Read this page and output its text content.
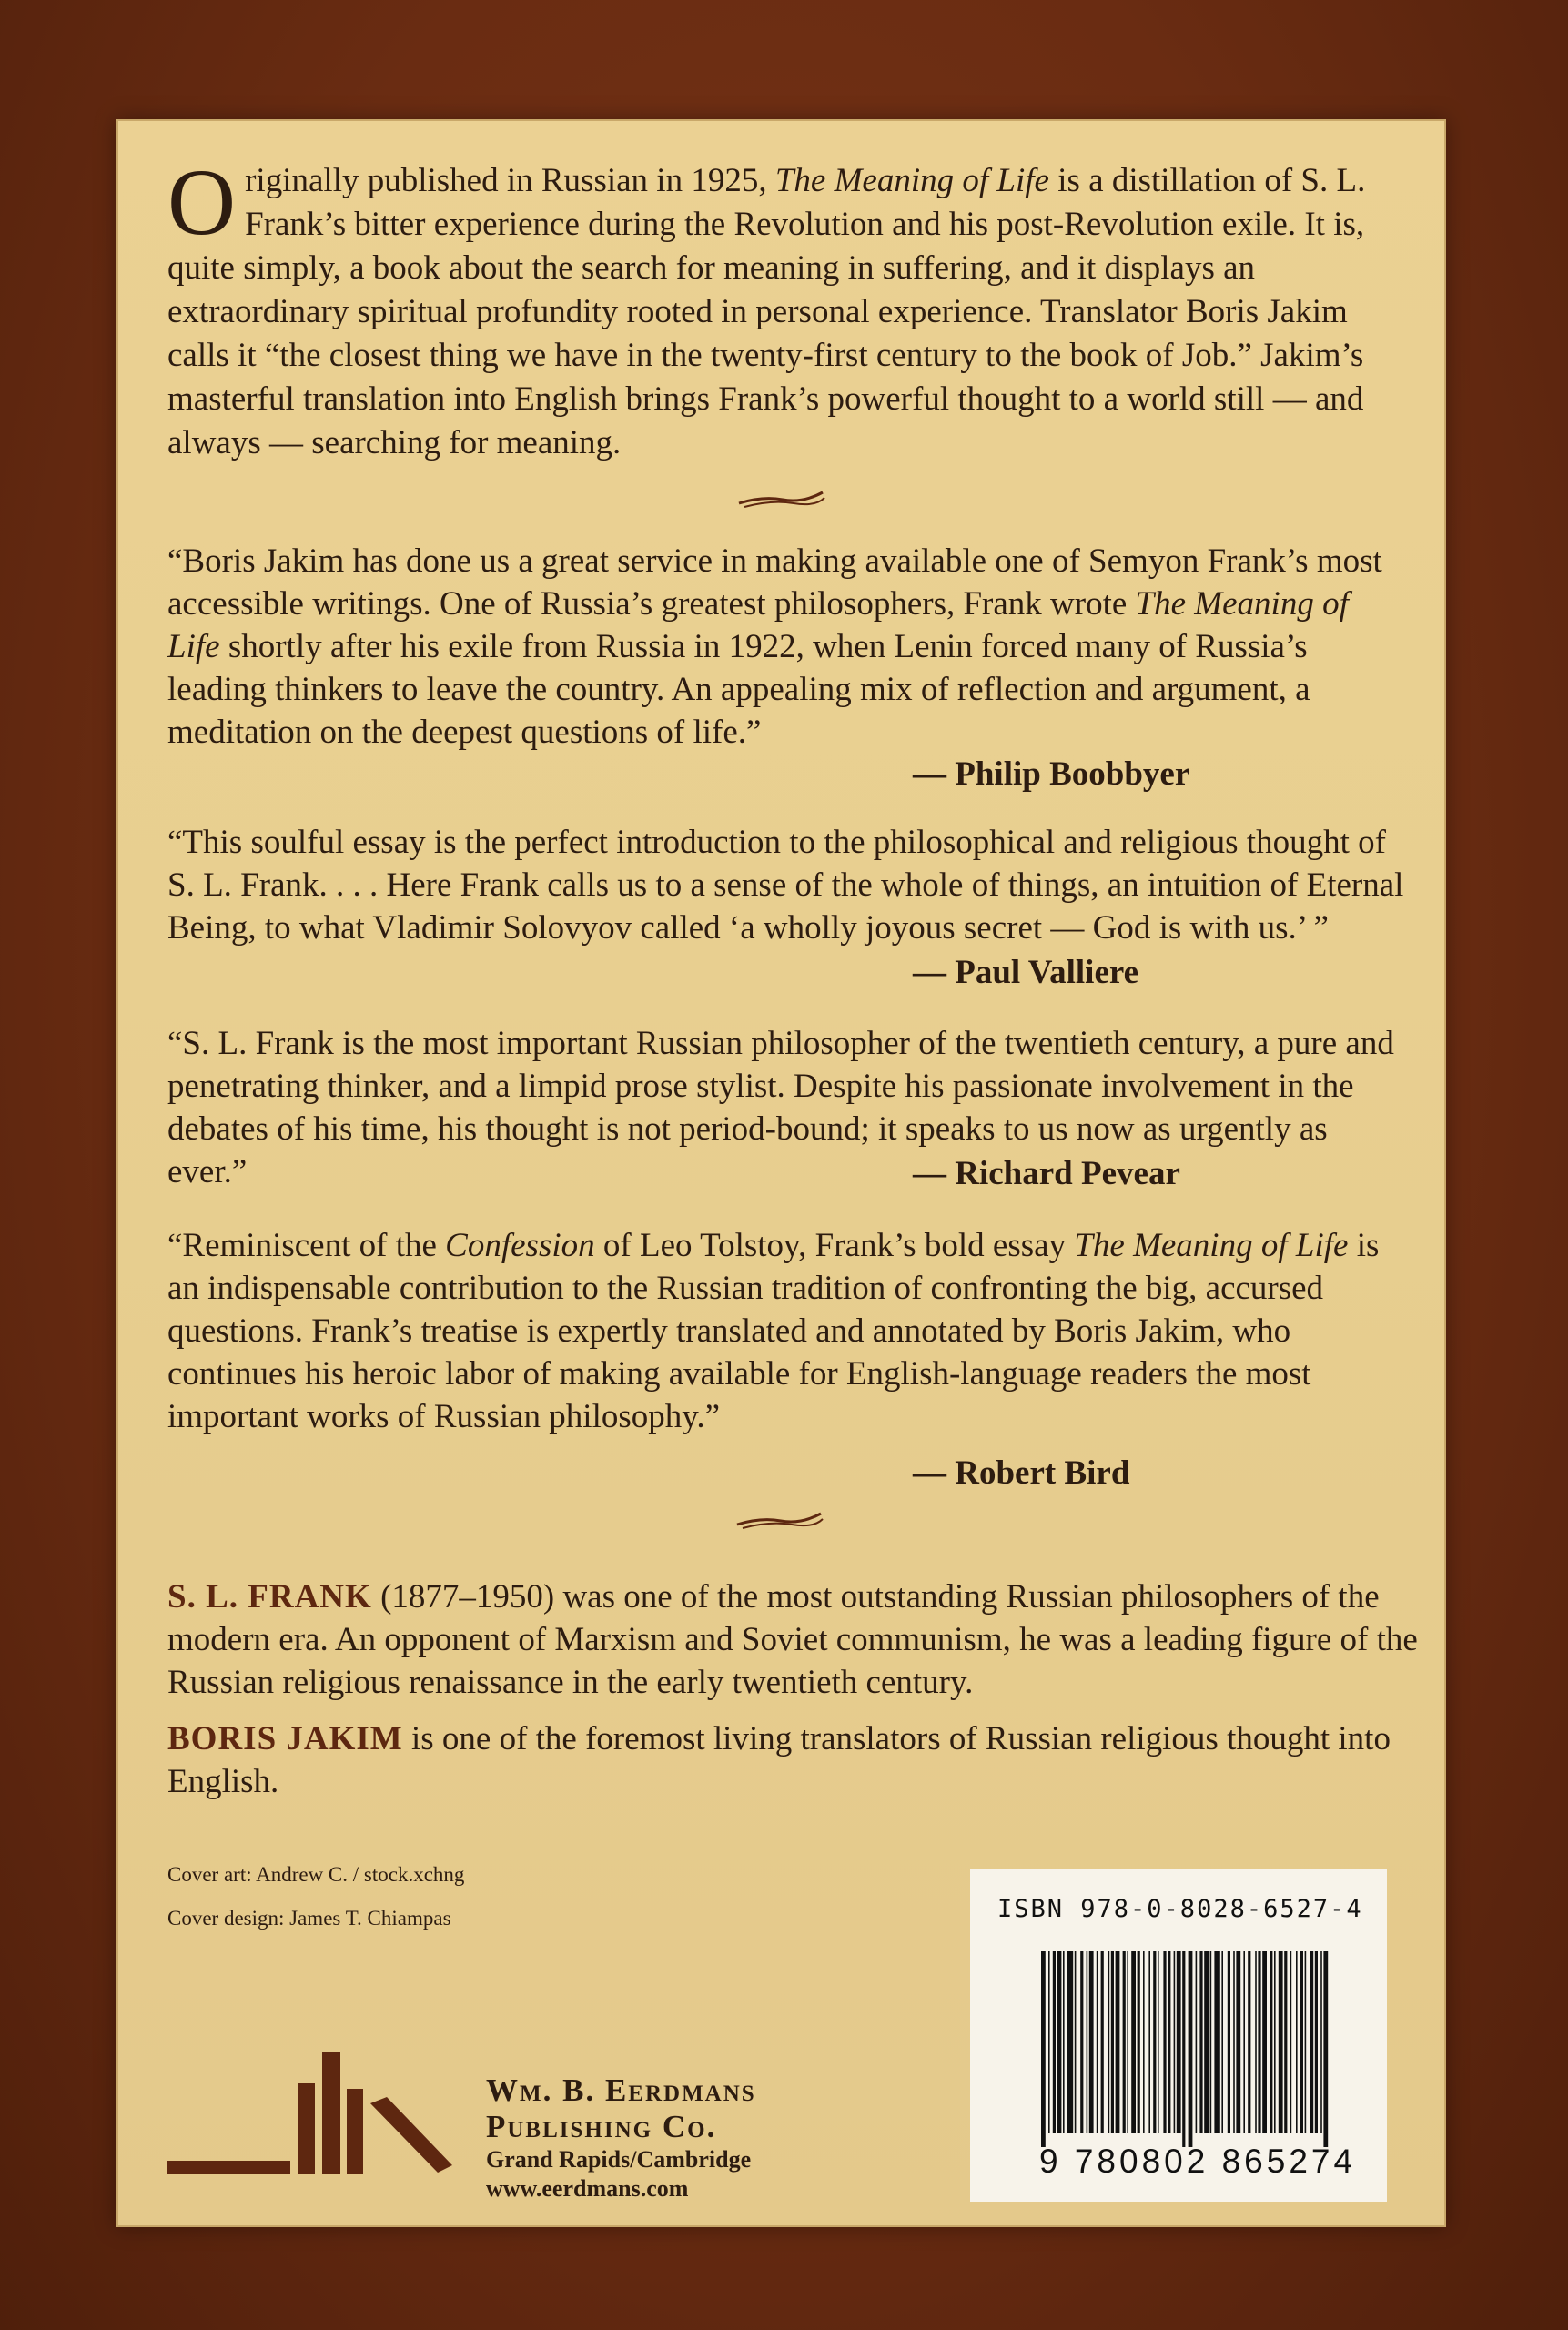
Originally published in Russian in 1925, The Meaning of Life is a distillation of S. L. Frank’s bitter experience during the Revolution and his post-Revolution exile. It is, quite simply, a book about the search for meaning in suffering, and it displays an extraordinary spiritual profundity rooted in personal experience. Translator Boris Jakim calls it “the closest thing we have in the twenty-first century to the book of Job.” Jakim’s masterful translation into English brings Frank’s powerful thought to a world still — and always — searching for meaning.

“Boris Jakim has done us a great service in making available one of Semyon Frank’s most accessible writings. One of Russia’s greatest philosophers, Frank wrote The Meaning of Life shortly after his exile from Russia in 1922, when Lenin forced many of Russia’s leading thinkers to leave the country. An appealing mix of reflection and argument, a meditation on the deepest questions of life.”

— Philip Boobbyer

“This soulful essay is the perfect introduction to the philosophical and religious thought of S. L. Frank. . . . Here Frank calls us to a sense of the whole of things, an intuition of Eternal Being, to what Vladimir Solovyov called ‘a wholly joyous secret — God is with us.’ ”

— Paul Valliere

“S. L. Frank is the most important Russian philosopher of the twentieth century, a pure and penetrating thinker, and a limpid prose stylist. Despite his passionate involvement in the debates of his time, his thought is not period-bound; it speaks to us now as urgently as ever.”	— Richard Pevear

“Reminiscent of the Confession of Leo Tolstoy, Frank’s bold essay The Meaning of Life is an indispensable contribution to the Russian tradition of confronting the big, accursed questions. Frank’s treatise is expertly translated and annotated by Boris Jakim, who continues his heroic labor of making available for English-language readers the most important works of Russian philosophy.”

— Robert Bird

S. L. FRANK (1877–1950) was one of the most outstanding Russian philosophers of the modern era. An opponent of Marxism and Soviet communism, he was a leading figure of the Russian religious renaissance in the early twentieth century.

BORIS JAKIM is one of the foremost living translators of Russian religious thought into English.

Cover art: Andrew C. / stock.xchng
Cover design: James T. Chiampas
Wm. B. Eerdmans
Publishing Co.
Grand Rapids/Cambridge
www.eerdmans.com
ISBN 978-0-8028-6527-4
9 780802 865274
